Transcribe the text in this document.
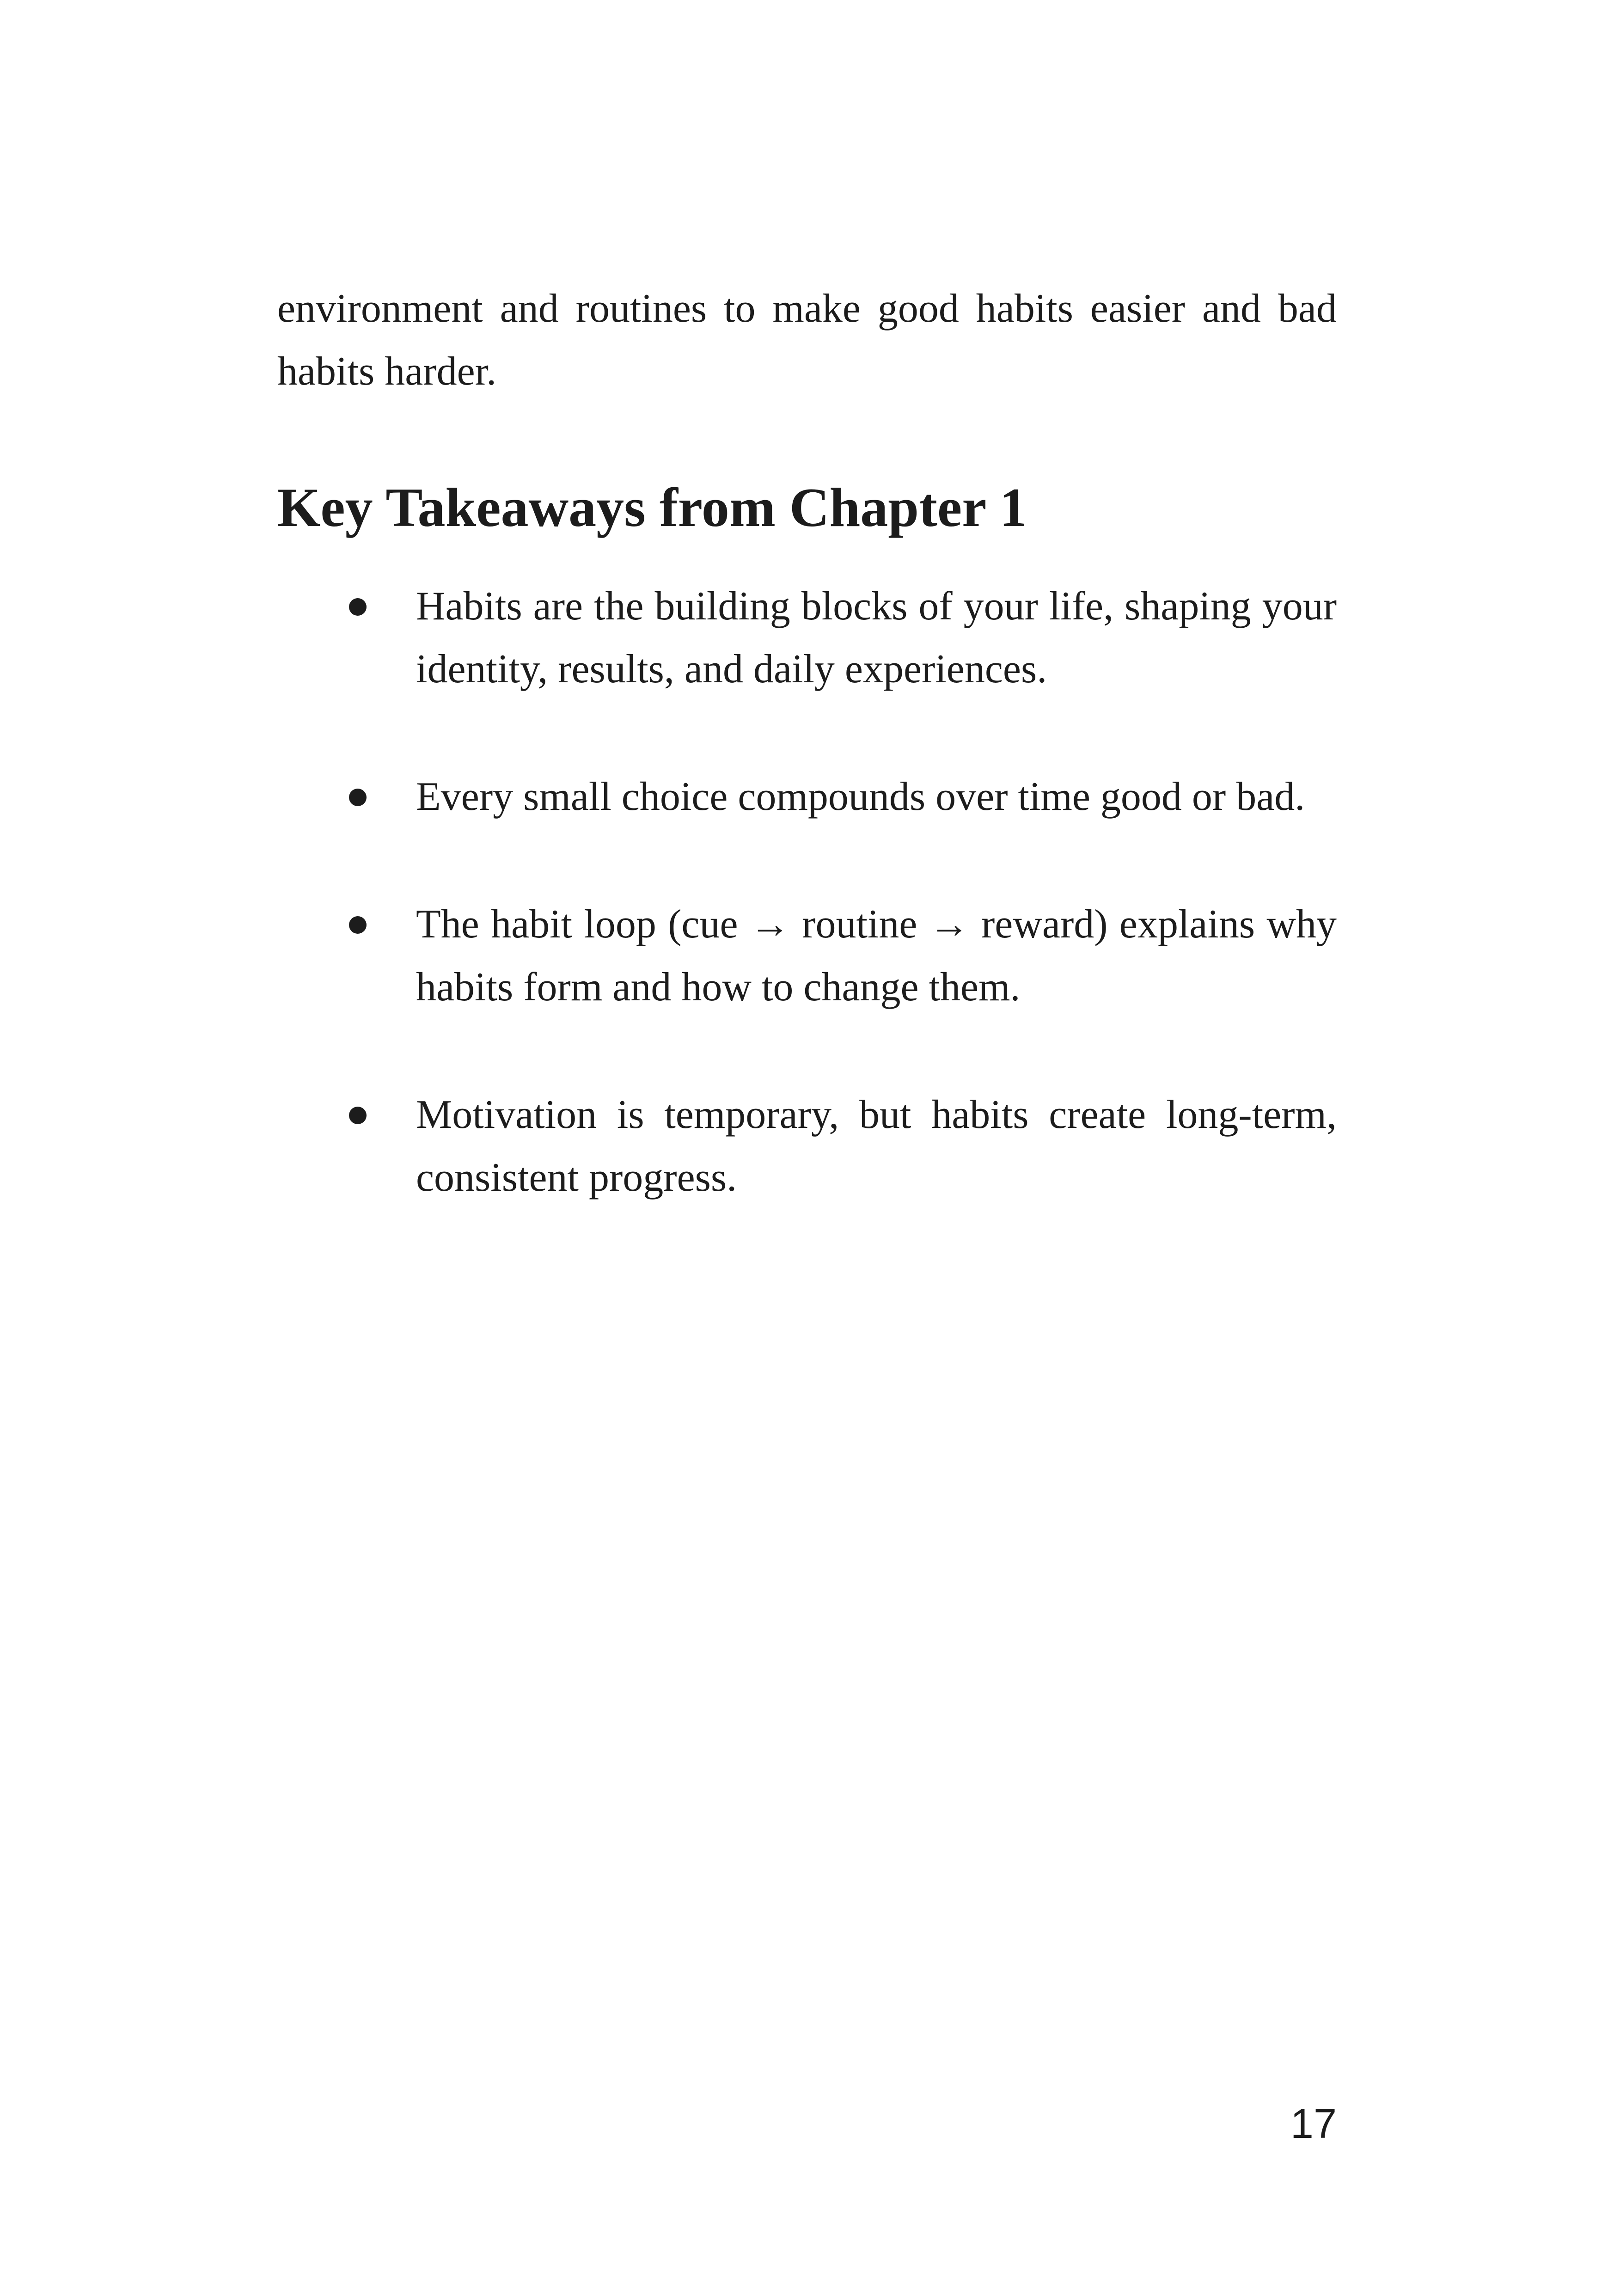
environment and routines to make good habits easier and bad habits harder.

Key Takeaways from Chapter 1
Habits are the building blocks of your life, shaping your identity, results, and daily experiences.
Every small choice compounds over time good or bad.
The habit loop (cue → routine → reward) explains why habits form and how to change them.
Motivation is temporary, but habits create long-term, consistent progress.
17
